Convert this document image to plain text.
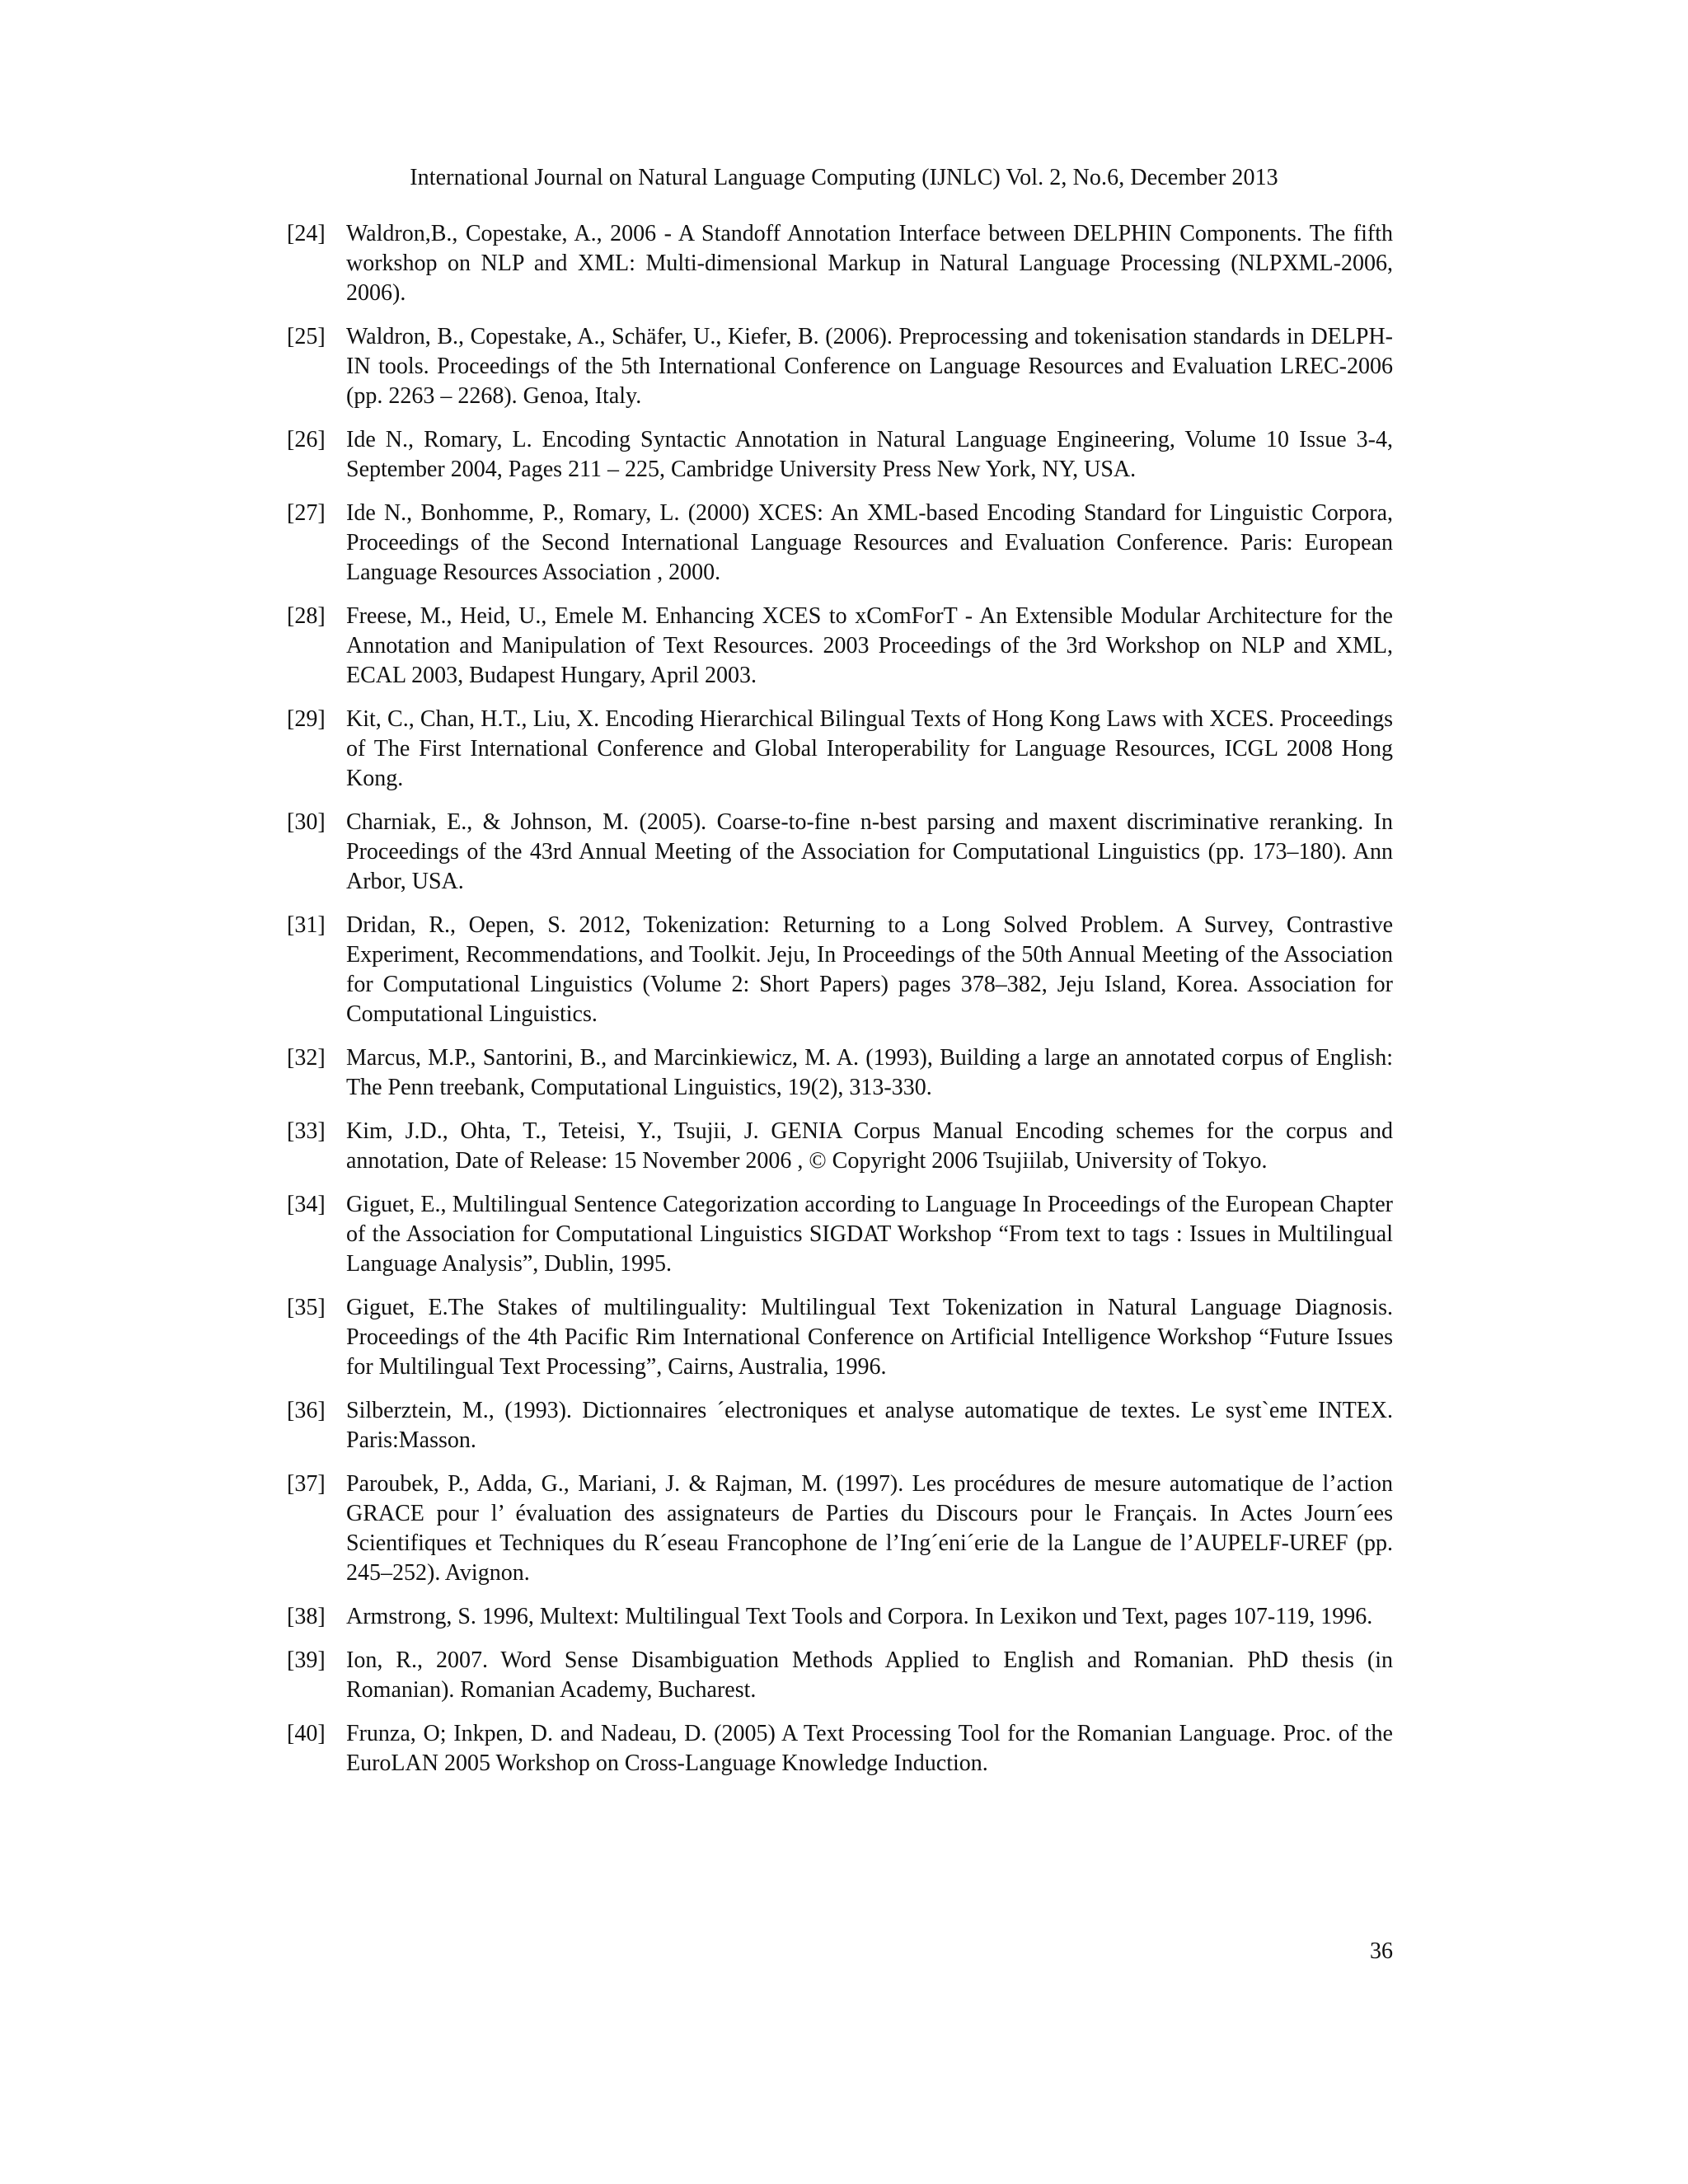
International Journal on Natural Language Computing (IJNLC) Vol. 2, No.6, December 2013
[24] Waldron,B., Copestake, A., 2006 - A Standoff Annotation Interface between DELPHIN Components. The fifth workshop on NLP and XML: Multi-dimensional Markup in Natural Language Processing (NLPXML-2006, 2006).
[25] Waldron, B., Copestake, A., Schäfer, U., Kiefer, B. (2006). Preprocessing and tokenisation standards in DELPH-IN tools. Proceedings of the 5th International Conference on Language Resources and Evaluation LREC-2006 (pp. 2263 – 2268). Genoa, Italy.
[26] Ide N., Romary, L. Encoding Syntactic Annotation in Natural Language Engineering, Volume 10 Issue 3-4, September 2004, Pages 211 – 225, Cambridge University Press New York, NY, USA.
[27] Ide N., Bonhomme, P., Romary, L. (2000) XCES: An XML-based Encoding Standard for Linguistic Corpora, Proceedings of the Second International Language Resources and Evaluation Conference. Paris: European Language Resources Association , 2000.
[28] Freese, M., Heid, U., Emele M. Enhancing XCES to xComForT - An Extensible Modular Architecture for the Annotation and Manipulation of Text Resources. 2003 Proceedings of the 3rd Workshop on NLP and XML, ECAL 2003, Budapest Hungary, April 2003.
[29] Kit, C., Chan, H.T., Liu, X. Encoding Hierarchical Bilingual Texts of Hong Kong Laws with XCES. Proceedings of The First International Conference and Global Interoperability for Language Resources, ICGL 2008 Hong Kong.
[30] Charniak, E., & Johnson, M. (2005). Coarse-to-fine n-best parsing and maxent discriminative reranking. In Proceedings of the 43rd Annual Meeting of the Association for Computational Linguistics (pp. 173–180). Ann Arbor, USA.
[31] Dridan, R., Oepen, S. 2012, Tokenization: Returning to a Long Solved Problem. A Survey, Contrastive Experiment, Recommendations, and Toolkit. Jeju, In Proceedings of the 50th Annual Meeting of the Association for Computational Linguistics (Volume 2: Short Papers) pages 378–382, Jeju Island, Korea. Association for Computational Linguistics.
[32] Marcus, M.P., Santorini, B., and Marcinkiewicz, M. A. (1993), Building a large an annotated corpus of English: The Penn treebank, Computational Linguistics, 19(2), 313-330.
[33] Kim, J.D., Ohta, T., Teteisi, Y., Tsujii, J. GENIA Corpus Manual Encoding schemes for the corpus and annotation, Date of Release: 15 November 2006 , © Copyright 2006 Tsujiilab, University of Tokyo.
[34] Giguet, E., Multilingual Sentence Categorization according to Language In Proceedings of the European Chapter of the Association for Computational Linguistics SIGDAT Workshop “From text to tags : Issues in Multilingual Language Analysis”, Dublin, 1995.
[35] Giguet, E.The Stakes of multilinguality: Multilingual Text Tokenization in Natural Language Diagnosis. Proceedings of the 4th Pacific Rim International Conference on Artificial Intelligence Workshop “Future Issues for Multilingual Text Processing”, Cairns, Australia, 1996.
[36] Silberztein, M., (1993). Dictionnaires ´electroniques et analyse automatique de textes. Le syst`eme INTEX. Paris:Masson.
[37] Paroubek, P., Adda, G., Mariani, J. & Rajman, M. (1997). Les procédures de mesure automatique de l’action GRACE pour l’ évaluation des assignateurs de Parties du Discours pour le Français. In Actes Journ´ees Scientifiques et Techniques du R´eseau Francophone de l’Ing´eni´erie de la Langue de l’AUPELF-UREF (pp. 245–252). Avignon.
[38] Armstrong, S. 1996, Multext: Multilingual Text Tools and Corpora. In Lexikon und Text, pages 107-119, 1996.
[39] Ion, R., 2007. Word Sense Disambiguation Methods Applied to English and Romanian. PhD thesis (in Romanian). Romanian Academy, Bucharest.
[40] Frunza, O; Inkpen, D. and Nadeau, D. (2005) A Text Processing Tool for the Romanian Language. Proc. of the EuroLAN 2005 Workshop on Cross-Language Knowledge Induction.
36
